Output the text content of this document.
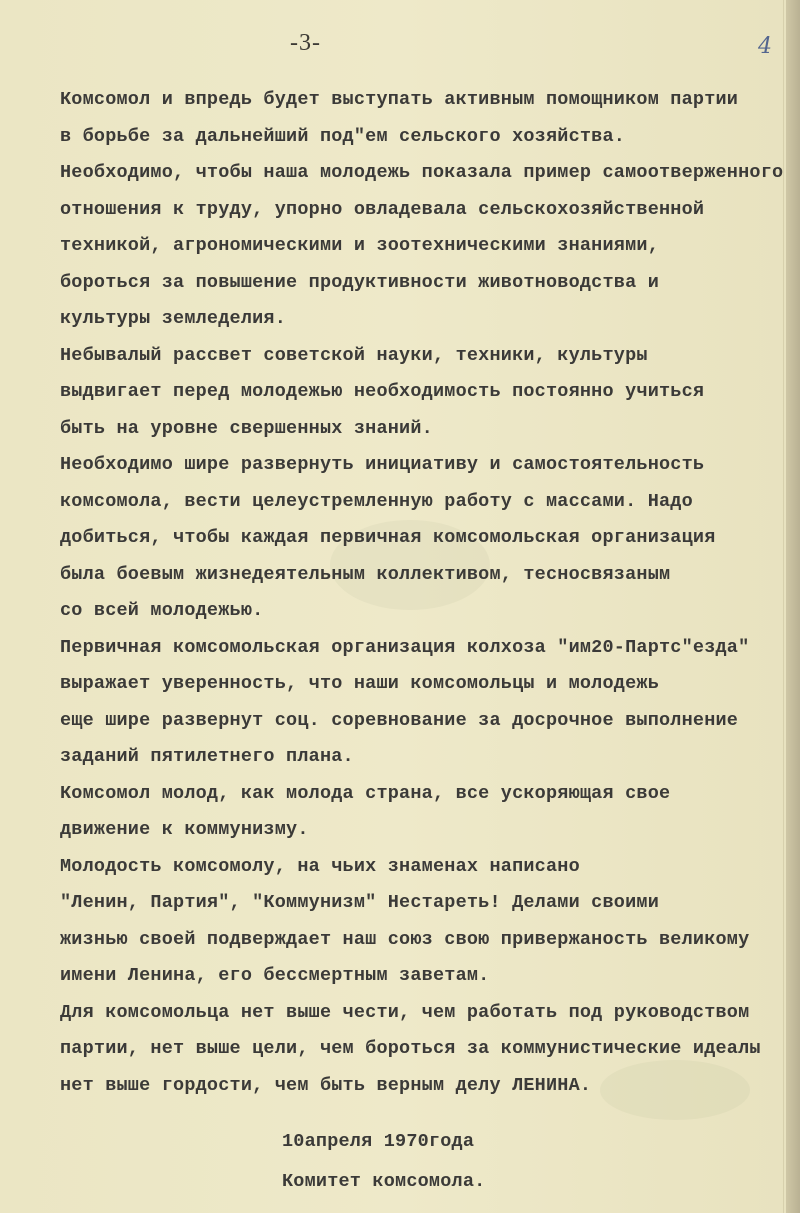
-3-	4
Комсомол и впредь будет выступать активным помощником партии
в борьбе за дальнейший под"ем сельского хозяйства.
Необходимо, чтобы наша молодежь показала пример самоотверженного
отношения к труду, упорно овладевала сельскохозяйственной
техникой, агрономическими и зоотехническими знаниями,
бороться за повышение продуктивности животноводства и
культуры земледелия.
Небывалый рассвет советской науки, техники, культуры
выдвигает перед молодежью необходимость постоянно учиться
быть на уровне свершенных знаний.
Необходимо шире развернуть инициативу и самостоятельность
комсомола, вести целеустремленную работу с массами. Надо
добиться, чтобы каждая первичная комсомольская организация
была боевым жизнедеятельным коллективом, тесносвязаным
со всей молодежью.
Первичная комсомольская организация колхоза "им20-Партс"езда"
выражает уверенность, что наши комсомольцы и молодежь
еще шире развернут соц. соревнование за досрочное выполнение
заданий пятилетнего плана.
Комсомол молод, как молода страна, все ускоряющая свое
движение к коммунизму.
Молодость комсомолу, на чьих знаменах написано
"Ленин, Партия", "Коммунизм" Нестареть! Делами своими
жизнью своей подверждает наш союз свою привержаность великому
имени Ленина, его бессмертным заветам.
Для комсомольца нет выше чести, чем работать под руководством
партии, нет выше цели, чем бороться за коммунистические идеалы
нет выше гордости, чем быть верным делу ЛЕНИНА.
10апреля 1970года
Комитет комсомола.
